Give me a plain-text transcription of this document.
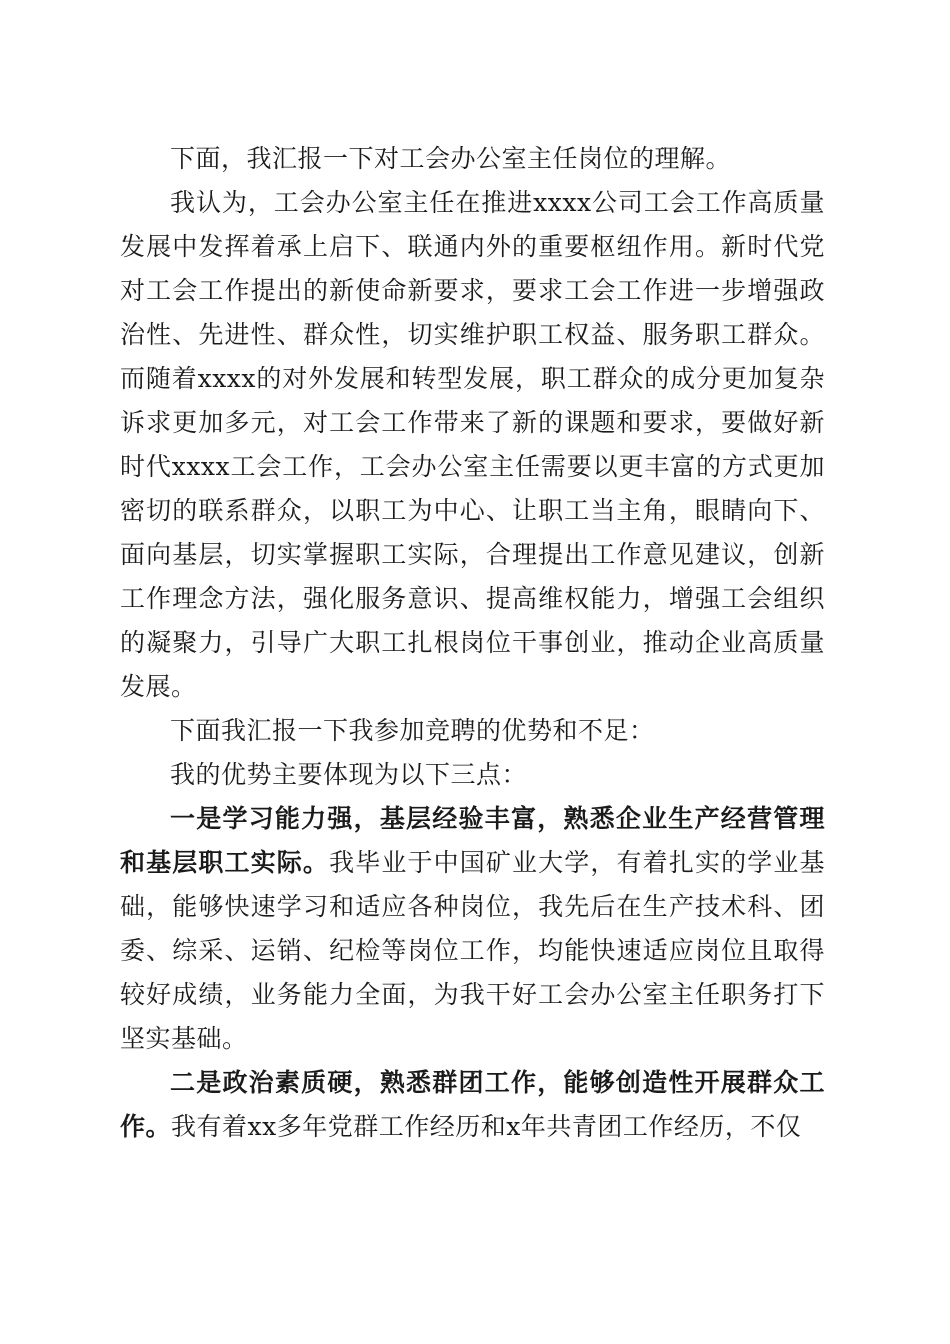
下面，我汇报一下对工会办公室主任岗位的理解。

我认为，工会办公室主任在推进xxxx公司工会工作高质量发展中发挥着承上启下、联通内外的重要枢纽作用。新时代党对工会工作提出的新使命新要求，要求工会工作进一步增强政治性、先进性、群众性，切实维护职工权益、服务职工群众。而随着xxxx的对外发展和转型发展，职工群众的成分更加复杂诉求更加多元，对工会工作带来了新的课题和要求，要做好新时代xxxx工会工作，工会办公室主任需要以更丰富的方式更加密切的联系群众，以职工为中心、让职工当主角，眼睛向下、面向基层，切实掌握职工实际，合理提出工作意见建议，创新工作理念方法，强化服务意识、提高维权能力，增强工会组织的凝聚力，引导广大职工扎根岗位干事创业，推动企业高质量发展。

下面我汇报一下我参加竞聘的优势和不足：

我的优势主要体现为以下三点：

一是学习能力强，基层经验丰富，熟悉企业生产经营管理和基层职工实际。我毕业于中国矿业大学，有着扎实的学业基础，能够快速学习和适应各种岗位，我先后在生产技术科、团委、综采、运销、纪检等岗位工作，均能快速适应岗位且取得较好成绩，业务能力全面，为我干好工会办公室主任职务打下坚实基础。

二是政治素质硬，熟悉群团工作，能够创造性开展群众工作。我有着xx多年党群工作经历和x年共青团工作经历，不仅
